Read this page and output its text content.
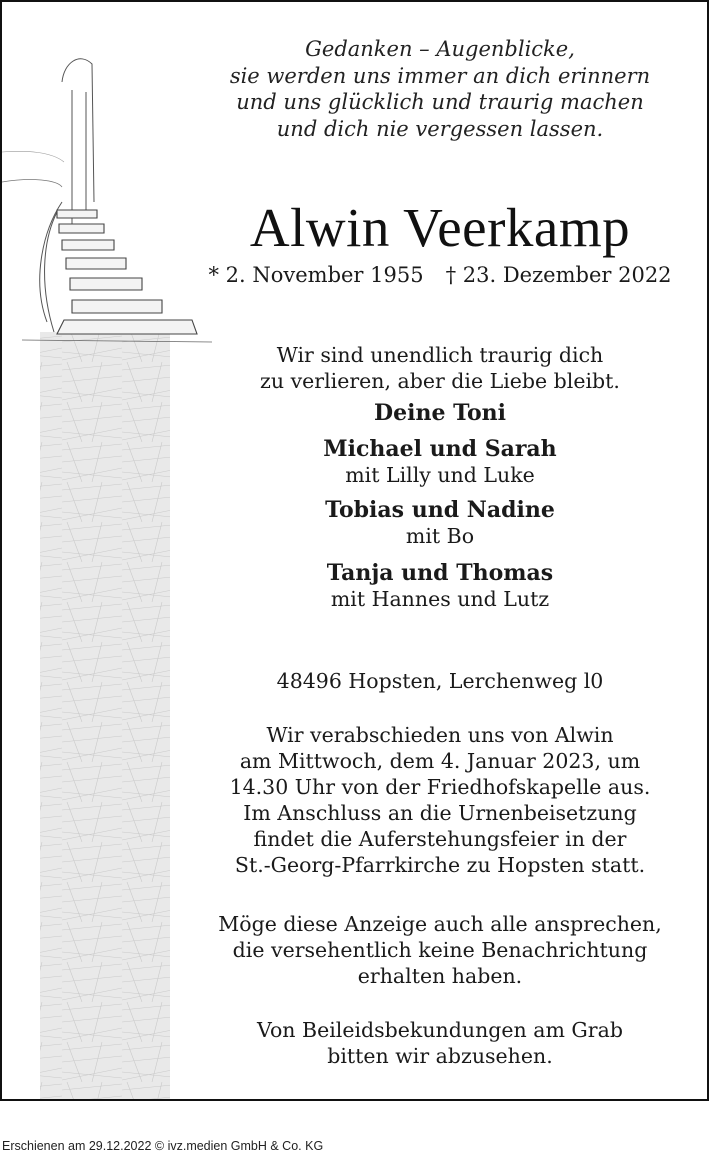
Gedanken – Augenblicke,
sie werden uns immer an dich erinnern
und uns glücklich und traurig machen
und dich nie vergessen lassen.
Alwin Veerkamp
* 2. November 1955 † 23. Dezember 2022
Wir sind unendlich traurig dich
zu verlieren, aber die Liebe bleibt.
Deine Toni
Michael und Sarah
mit Lilly und Luke
Tobias und Nadine
mit Bo
Tanja und Thomas
mit Hannes und Lutz
48496 Hopsten, Lerchenweg l0
Wir verabschieden uns von Alwin
am Mittwoch, dem 4. Januar 2023, um
14.30 Uhr von der Friedhofskapelle aus.
Im Anschluss an die Urnenbeisetzung
findet die Auferstehungsfeier in der
St.-Georg-Pfarrkirche zu Hopsten statt.
Möge diese Anzeige auch alle ansprechen,
die versehentlich keine Benachrichtung
erhalten haben.
Von Beileidsbekundungen am Grab
bitten wir abzusehen.
Erschienen am 29.12.2022 © ivz.medien GmbH & Co. KG
